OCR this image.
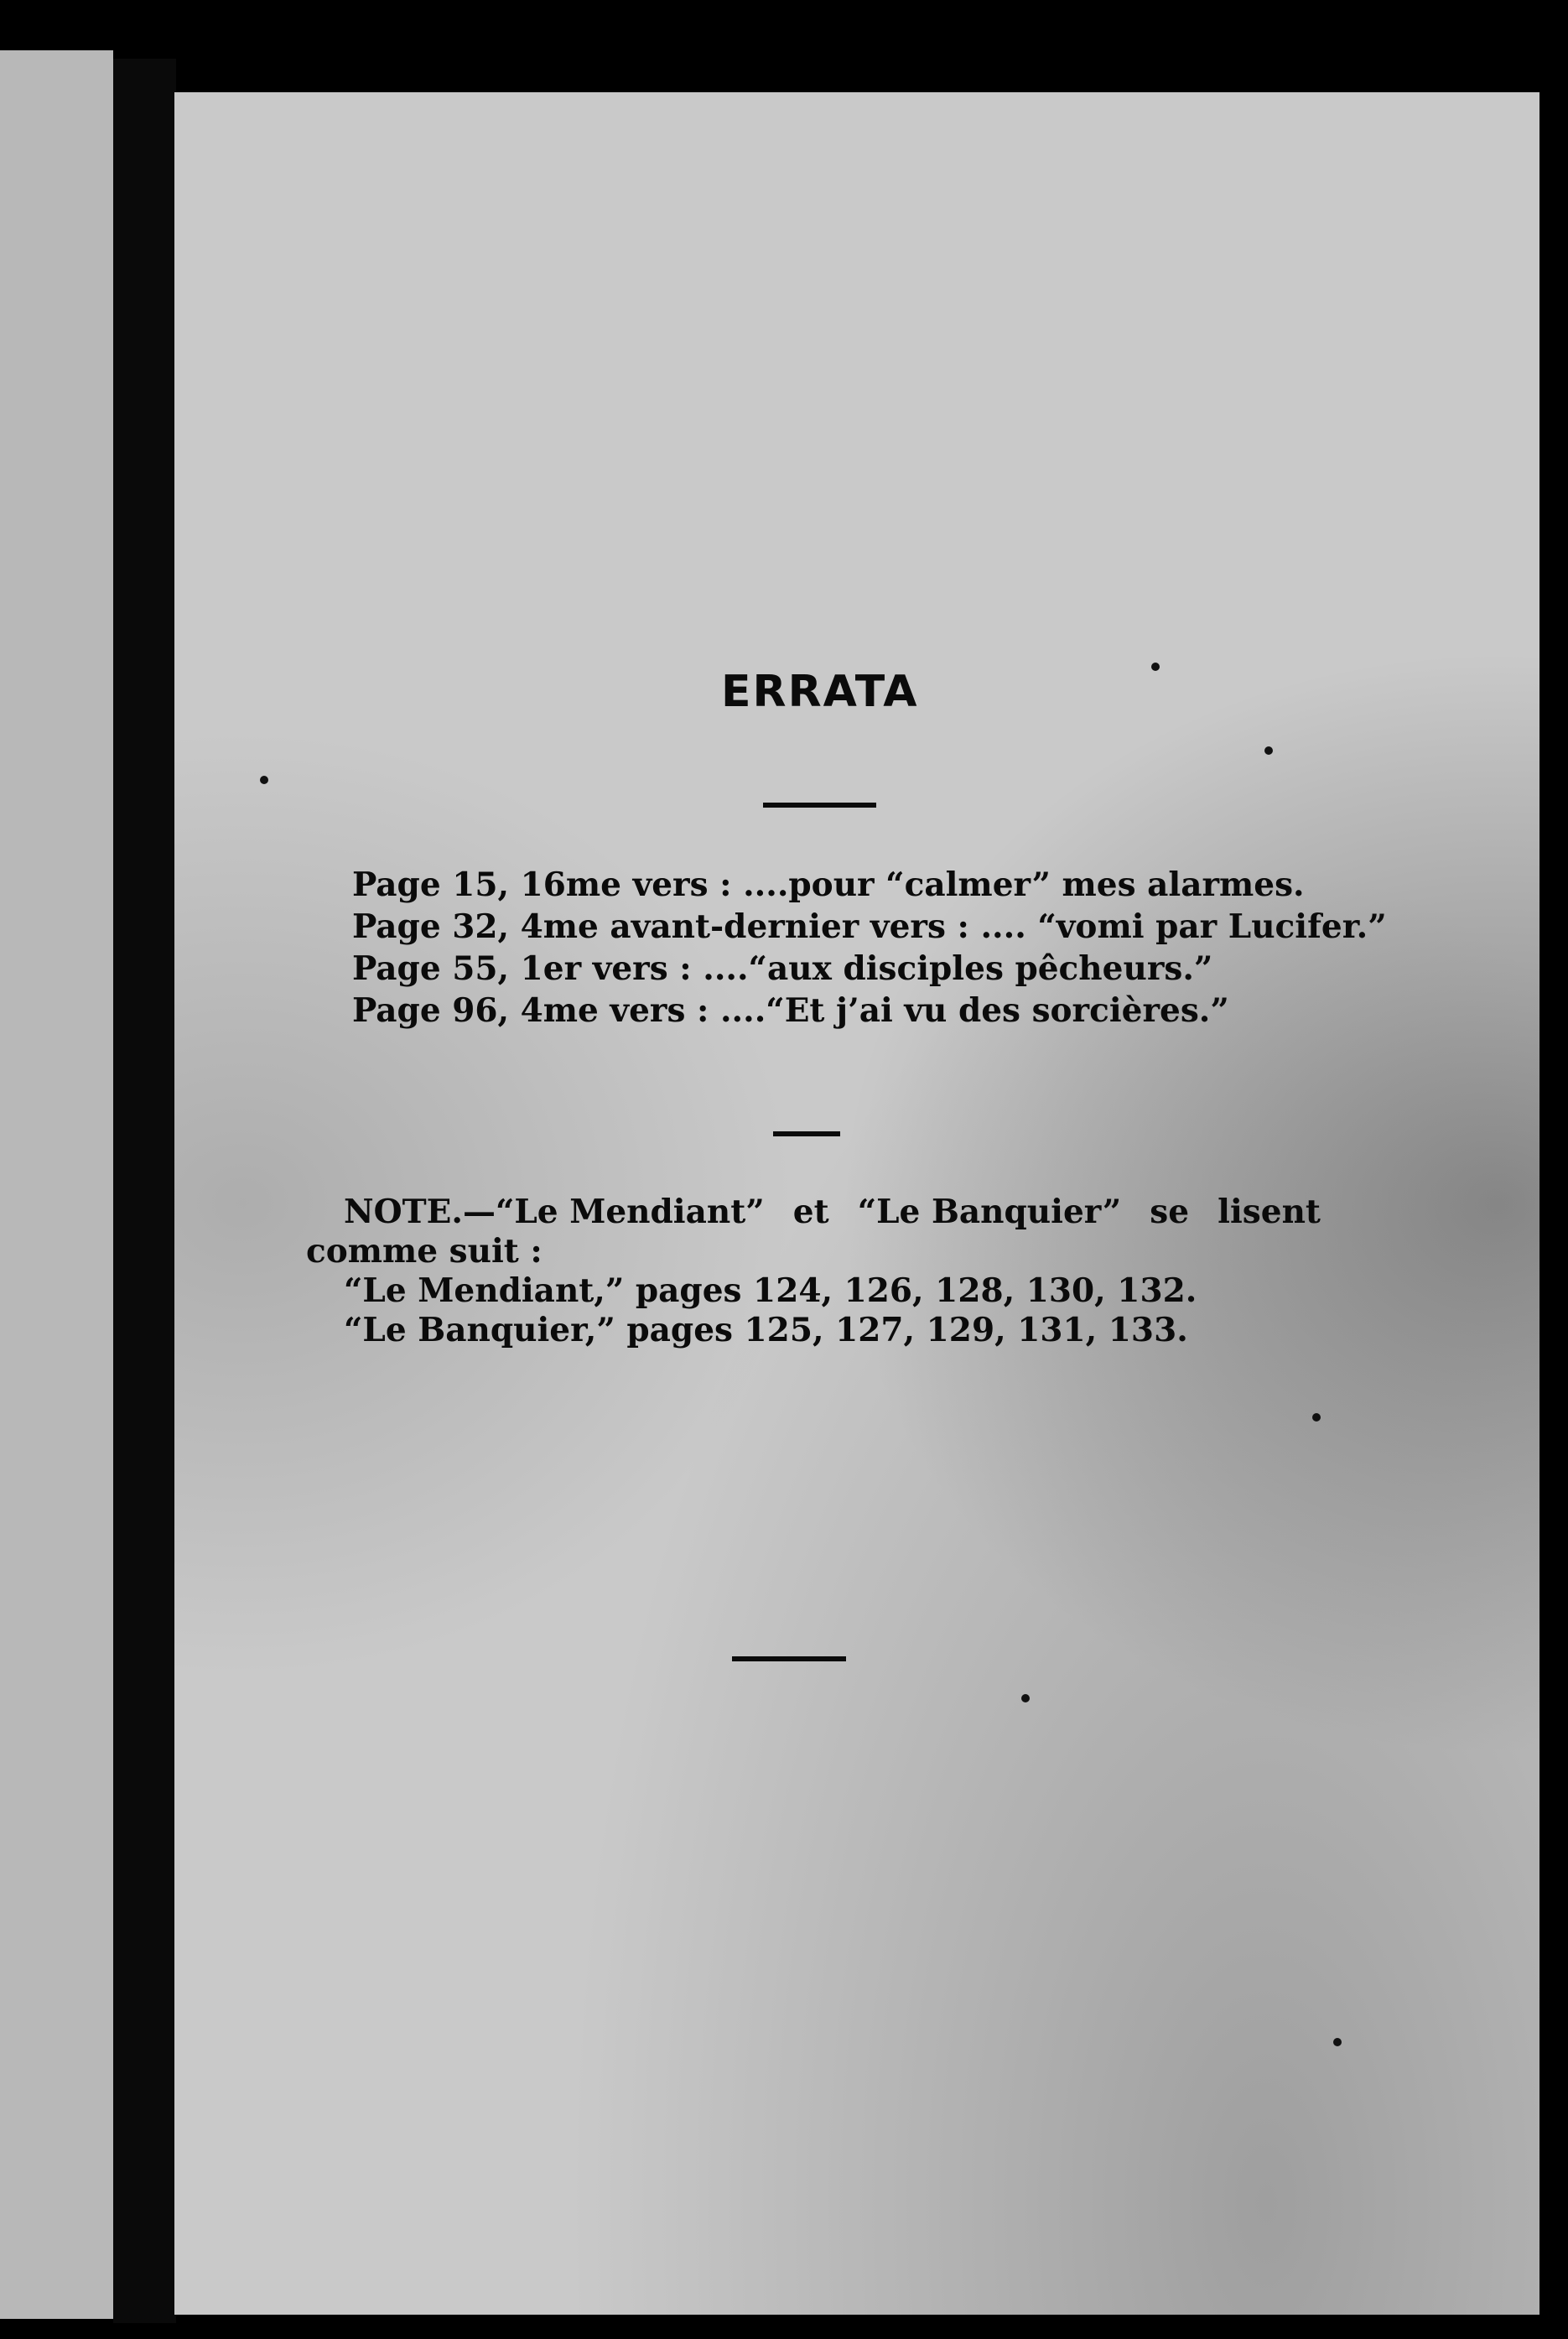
ERRATA
Page 15, 16me vers : ....pour “calmer” mes alarmes.
Page 32, 4me avant-dernier vers : .... “vomi par Lucifer.”
Page 55, 1er vers : ....“aux disciples pêcheurs.”
Page 96, 4me vers : ....“Et j’ai vu des sorcières.”
NOTE.—“Le Mendiant” et “Le Banquier” se lisent
comme suit :
“Le Mendiant,” pages 124, 126, 128, 130, 132.
“Le Banquier,” pages 125, 127, 129, 131, 133.
